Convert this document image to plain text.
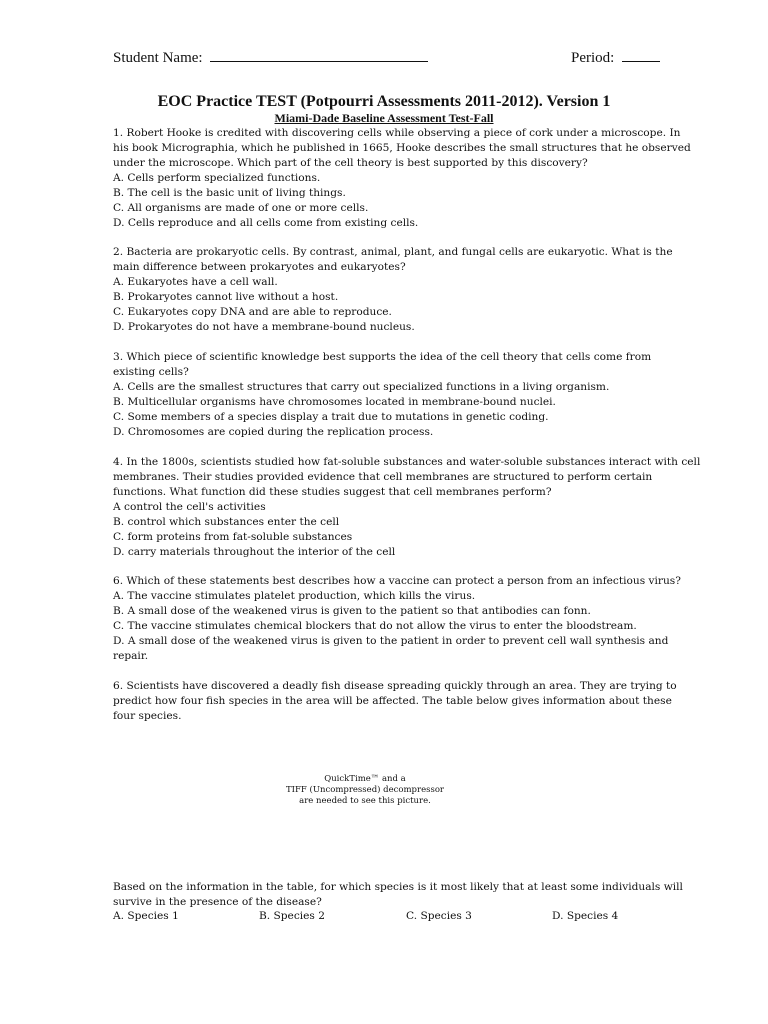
Student Name:	Period:
EOC Practice TEST (Potpourri Assessments 2011-2012). Version 1
Miami-Dade Baseline Assessment Test-Fall
1. Robert Hooke is credited with discovering cells while observing a piece of cork under a microscope. In
his book Micrographia, which he published in 1665, Hooke describes the small structures that he observed
under the microscope. Which part of the cell theory is best supported by this discovery?
A. Cells perform specialized functions.
B. The cell is the basic unit of living things.
C. All organisms are made of one or more cells.
D. Cells reproduce and all cells come from existing cells.
2. Bacteria are prokaryotic cells. By contrast, animal, plant, and fungal cells are eukaryotic. What is the
main difference between prokaryotes and eukaryotes?
A. Eukaryotes have a cell wall.
B. Prokaryotes cannot live without a host.
C. Eukaryotes copy DNA and are able to reproduce.
D. Prokaryotes do not have a membrane-bound nucleus.
3. Which piece of scientific knowledge best supports the idea of the cell theory that cells come from
existing cells?
A. Cells are the smallest structures that carry out specialized functions in a living organism.
B. Multicellular organisms have chromosomes located in membrane-bound nuclei.
C. Some members of a species display a trait due to mutations in genetic coding.
D. Chromosomes are copied during the replication process.
4. In the 1800s, scientists studied how fat-soluble substances and water-soluble substances interact with cell
membranes. Their studies provided evidence that cell membranes are structured to perform certain
functions. What function did these studies suggest that cell membranes perform?
A control the cell's activities
B. control which substances enter the cell
C. form proteins from fat-soluble substances
D. carry materials throughout the interior of the cell
6. Which of these statements best describes how a vaccine can protect a person from an infectious virus?
A. The vaccine stimulates platelet production, which kills the virus.
B. A small dose of the weakened virus is given to the patient so that antibodies can fonn.
C. The vaccine stimulates chemical blockers that do not allow the virus to enter the bloodstream.
D. A small dose of the weakened virus is given to the patient in order to prevent cell wall synthesis and
repair.
6. Scientists have discovered a deadly fish disease spreading quickly through an area. They are trying to
predict how four fish species in the area will be affected. The table below gives information about these
four species.
QuickTime™ and a
TIFF (Uncompressed) decompressor
are needed to see this picture.
Based on the information in the table, for which species is it most likely that at least some individuals will
survive in the presence of the disease?
A. Species 1	B. Species 2	C. Species 3	D. Species 4
